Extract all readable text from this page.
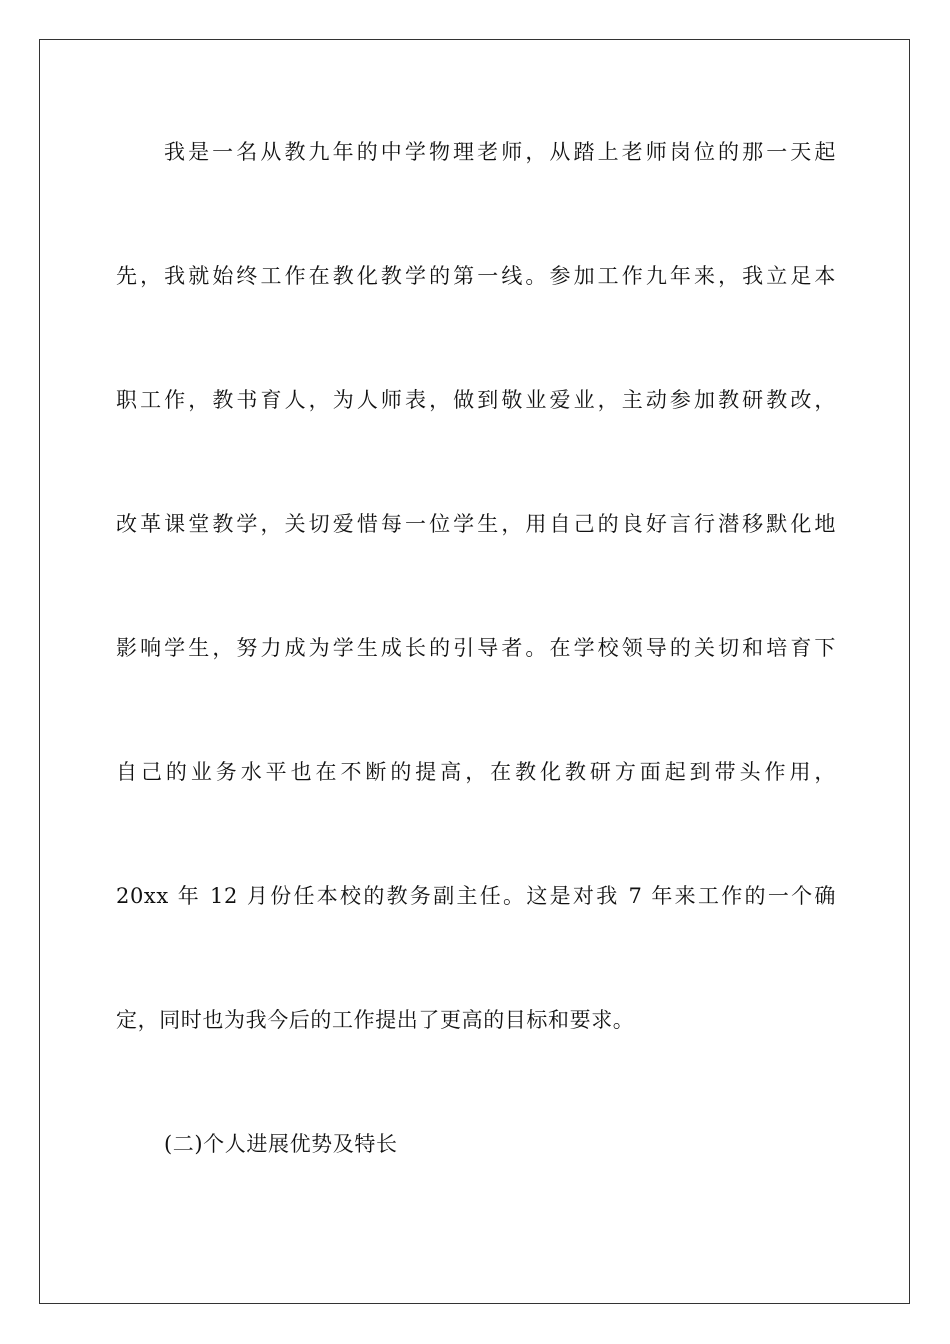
我是一名从教九年的中学物理老师，从踏上老师岗位的那一天起
先，我就始终工作在教化教学的第一线。参加工作九年来，我立足本
职工作，教书育人，为人师表，做到敬业爱业，主动参加教研教改，
改革课堂教学，关切爱惜每一位学生，用自己的良好言行潜移默化地
影响学生，努力成为学生成长的引导者。在学校领导的关切和培育下
自己的业务水平也在不断的提高，在教化教研方面起到带头作用，
20xx 年 12 月份任本校的教务副主任。这是对我 7 年来工作的一个确
定，同时也为我今后的工作提出了更高的目标和要求。
(二)个人进展优势及特长
